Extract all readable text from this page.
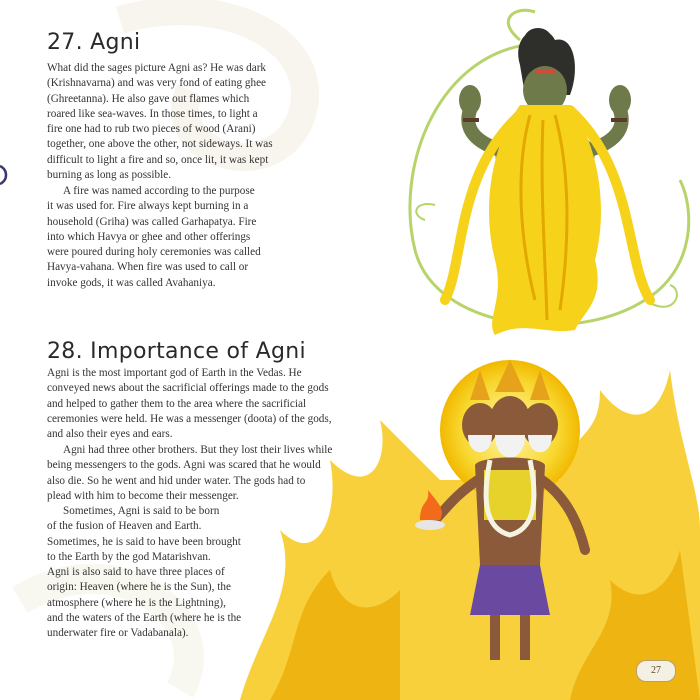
27. Agni

What did the sages picture Agni as? He was dark
(Krishnavarna) and was very fond of eating ghee
(Ghreetanna). He also gave out flames which
roared like sea-waves. In those times, to light a
fire one had to rub two pieces of wood (Arani)
together, one above the other, not sideways. It was
difficult to light a fire and so, once lit, it was kept
burning as long as possible.

A fire was named according to the purpose
it was used for. Fire always kept burning in a
household (Griha) was called Garhapatya. Fire
into which Havya or ghee and other offerings
were poured during holy ceremonies was called
Havya-vahana. When fire was used to call or
invoke gods, it was called Avahaniya.

28. Importance of Agni

Agni is the most important god of Earth in the Vedas. He
conveyed news about the sacrificial offerings made to the gods
and helped to gather them to the area where the sacrificial
ceremonies were held. He was a messenger (doota) of the gods,
and also their eyes and ears.

Agni had three other brothers. But they lost their lives while
being messengers to the gods. Agni was scared that he would
also die. So he went and hid under water. The gods had to
plead with him to become their messenger.

Sometimes, Agni is said to be born
of the fusion of Heaven and Earth.
Sometimes, he is said to have been brought
to the Earth by the god Matarishvan.
Agni is also said to have three places of
origin: Heaven (where he is the Sun), the
atmosphere (where he is the Lightning),
and the waters of the Earth (where he is the
underwater fire or Vadabanala).

27
